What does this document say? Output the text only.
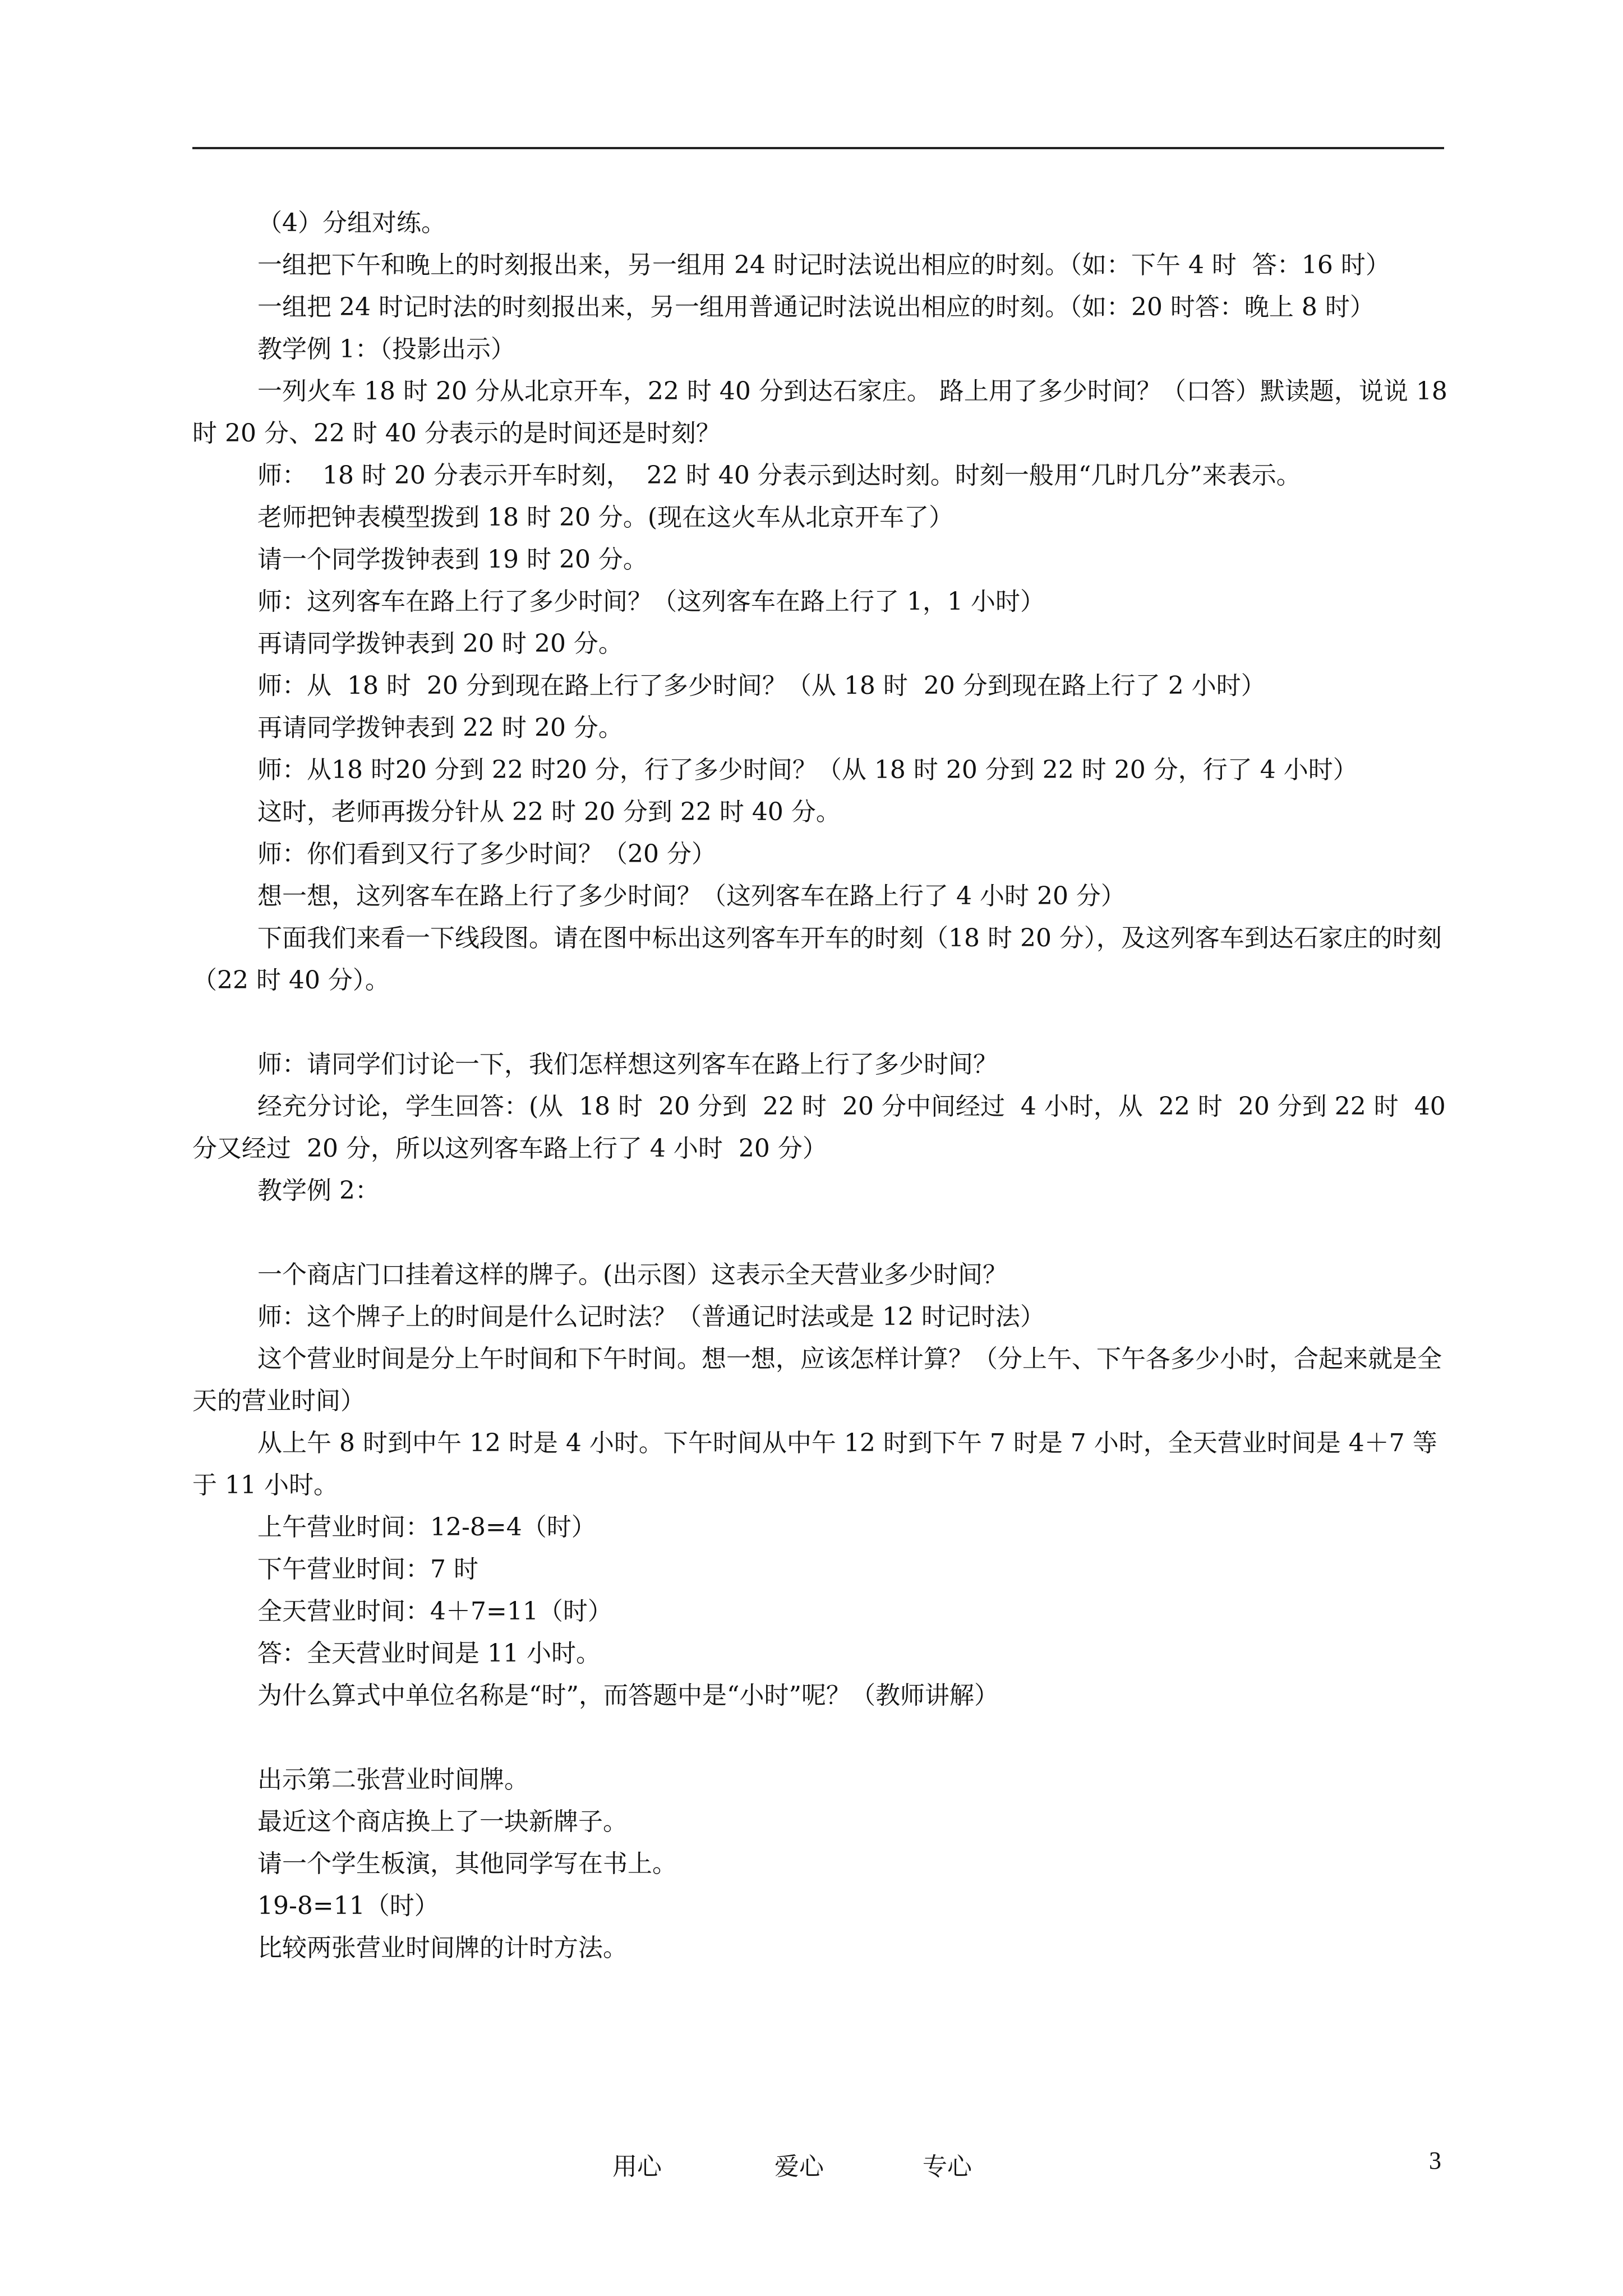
（4）分组对练。

一组把下午和晚上的时刻报出来，另一组用 24 时记时法说出相应的时刻。（如：下午 4 时  答：16 时）

一组把 24 时记时法的时刻报出来，另一组用普通记时法说出相应的时刻。（如：20 时答：晚上 8 时）

教学例 1：（投影出示）

一列火车 18 时 20 分从北京开车，22 时 40 分到达石家庄。 路上用了多少时间？（口答）默读题，说说 18 时 20 分、22 时 40 分表示的是时间还是时刻？

师：  18 时 20 分表示开车时刻，  22 时 40 分表示到达时刻。时刻一般用“几时几分”来表示。

老师把钟表模型拨到 18 时 20 分。(现在这火车从北京开车了）

请一个同学拨钟表到 19 时 20 分。

师：这列客车在路上行了多少时间？（这列客车在路上行了 1，1 小时）

再请同学拨钟表到 20 时 20 分。

师：从  18 时  20 分到现在路上行了多少时间？（从 18 时  20 分到现在路上行了 2 小时）

再请同学拨钟表到 22 时 20 分。

师：从18 时20 分到 22 时20 分，行了多少时间？（从 18 时 20 分到 22 时 20 分，行了 4 小时）

这时，老师再拨分针从 22 时 20 分到 22 时 40 分。

师：你们看到又行了多少时间？（20 分）

想一想，这列客车在路上行了多少时间？（这列客车在路上行了 4 小时 20 分）

下面我们来看一下线段图。请在图中标出这列客车开车的时刻（18 时 20 分），及这列客车到达石家庄的时刻（22 时 40 分）。

师：请同学们讨论一下，我们怎样想这列客车在路上行了多少时间？

经充分讨论，学生回答：(从  18 时  20 分到  22 时  20 分中间经过  4 小时，从  22 时  20 分到 22 时  40 分又经过  20 分，所以这列客车路上行了 4 小时  20 分）

教学例 2：

一个商店门口挂着这样的牌子。(出示图）这表示全天营业多少时间？

师：这个牌子上的时间是什么记时法？（普通记时法或是 12 时记时法）

这个营业时间是分上午时间和下午时间。想一想，应该怎样计算？（分上午、下午各多少小时，合起来就是全天的营业时间）

从上午 8 时到中午 12 时是 4 小时。下午时间从中午 12 时到下午 7 时是 7 小时，全天营业时间是 4＋7 等于 11 小时。

上午营业时间：12-8=4（时）

下午营业时间：7 时

全天营业时间：4＋7=11（时）

答：全天营业时间是 11 小时。

为什么算式中单位名称是“时”，而答题中是“小时”呢？（教师讲解）

出示第二张营业时间牌。

最近这个商店换上了一块新牌子。

请一个学生板演，其他同学写在书上。

19-8=11（时）

比较两张营业时间牌的计时方法。

用心	爱心	专心	3
